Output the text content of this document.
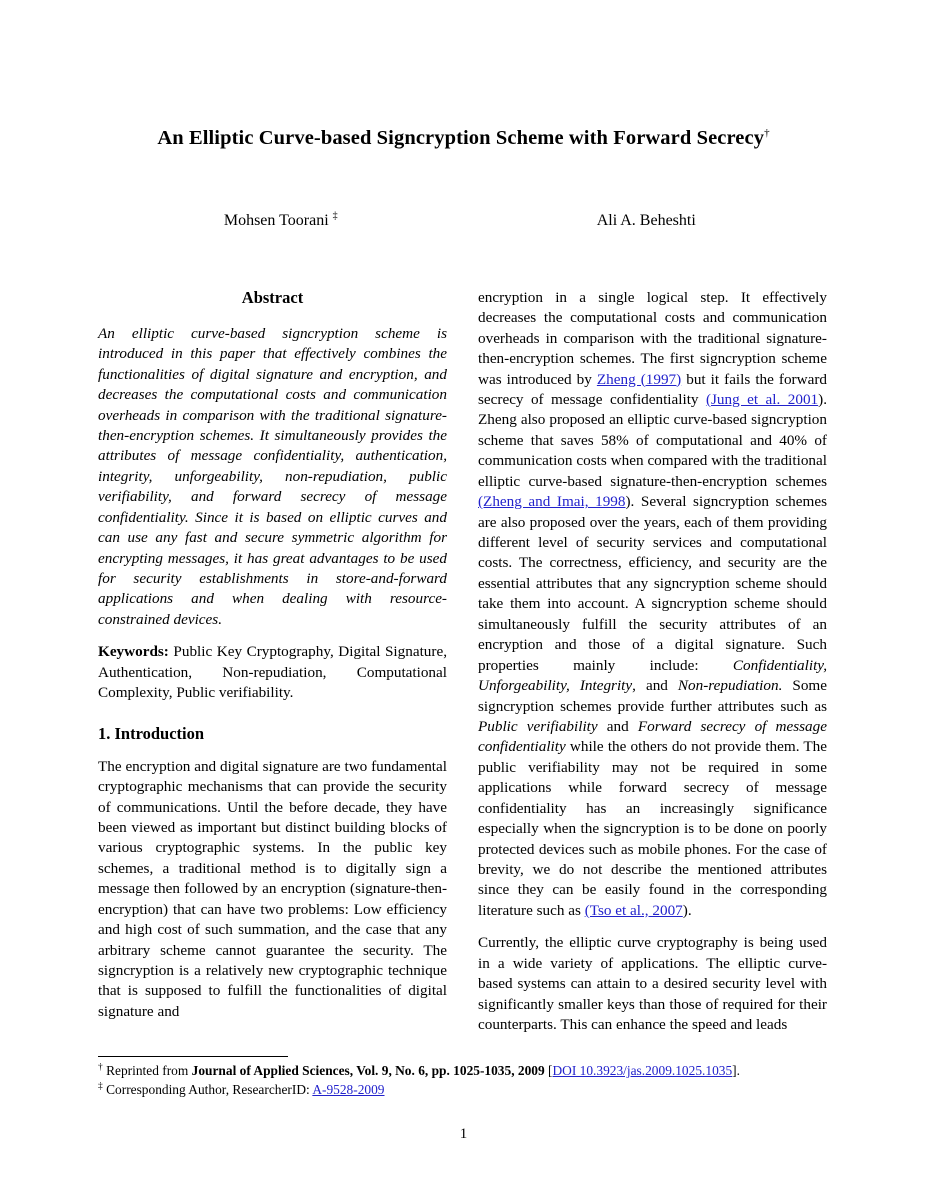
An Elliptic Curve-based Signcryption Scheme with Forward Secrecy†
Mohsen Toorani ‡	Ali A. Beheshti
Abstract

An elliptic curve-based signcryption scheme is introduced in this paper that effectively combines the functionalities of digital signature and encryption, and decreases the computational costs and communication overheads in comparison with the traditional signature-then-encryption schemes. It simultaneously provides the attributes of message confidentiality, authentication, integrity, unforgeability, non-repudiation, public verifiability, and forward secrecy of message confidentiality. Since it is based on elliptic curves and can use any fast and secure symmetric algorithm for encrypting messages, it has great advantages to be used for security establishments in store-and-forward applications and when dealing with resource-constrained devices.

Keywords: Public Key Cryptography, Digital Signature, Authentication, Non-repudiation, Computational Complexity, Public verifiability.

1. Introduction

The encryption and digital signature are two fundamental cryptographic mechanisms that can provide the security of communications. Until the before decade, they have been viewed as important but distinct building blocks of various cryptographic systems. In the public key schemes, a traditional method is to digitally sign a message then followed by an encryption (signature-then-encryption) that can have two problems: Low efficiency and high cost of such summation, and the case that any arbitrary scheme cannot guarantee the security. The signcryption is a relatively new cryptographic technique that is supposed to fulfill the functionalities of digital signature and

encryption in a single logical step. It effectively decreases the computational costs and communication overheads in comparison with the traditional signature-then-encryption schemes. The first signcryption scheme was introduced by Zheng (1997) but it fails the forward secrecy of message confidentiality (Jung et al. 2001). Zheng also proposed an elliptic curve-based signcryption scheme that saves 58% of computational and 40% of communication costs when compared with the traditional elliptic curve-based signature-then-encryption schemes (Zheng and Imai, 1998). Several signcryption schemes are also proposed over the years, each of them providing different level of security services and computational costs. The correctness, efficiency, and security are the essential attributes that any signcryption scheme should take them into account. A signcryption scheme should simultaneously fulfill the security attributes of an encryption and those of a digital signature. Such properties mainly include: Confidentiality, Unforgeability, Integrity, and Non-repudiation. Some signcryption schemes provide further attributes such as Public verifiability and Forward secrecy of message confidentiality while the others do not provide them. The public verifiability may not be required in some applications while forward secrecy of message confidentiality has an increasingly significance especially when the signcryption is to be done on poorly protected devices such as mobile phones. For the case of brevity, we do not describe the mentioned attributes since they can be easily found in the corresponding literature such as (Tso et al., 2007).

Currently, the elliptic curve cryptography is being used in a wide variety of applications. The elliptic curve-based systems can attain to a desired security level with significantly smaller keys than those of required for their counterparts. This can enhance the speed and leads

† Reprinted from Journal of Applied Sciences, Vol. 9, No. 6, pp. 1025-1035, 2009 [DOI 10.3923/jas.2009.1025.1035].

‡ Corresponding Author, ResearcherID: A-9528-2009

1
